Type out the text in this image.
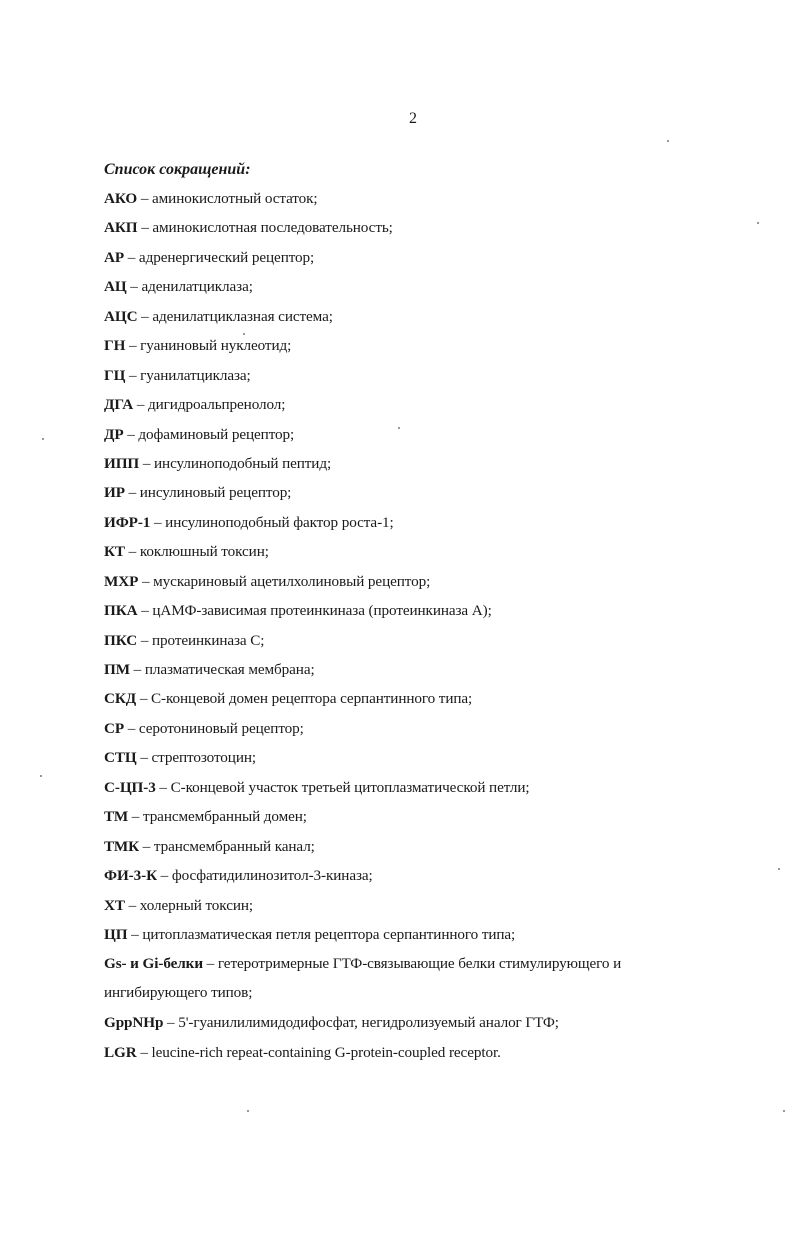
2
Список сокращений:
АКО – аминокислотный остаток;
АКП – аминокислотная последовательность;
АР – адренергический рецептор;
АЦ – аденилатциклаза;
АЦС – аденилатциклазная система;
ГН – гуаниновый нуклеотид;
ГЦ – гуанилатциклаза;
ДГА – дигидроальпренолол;
ДР – дофаминовый рецептор;
ИПП – инсулиноподобный пептид;
ИР – инсулиновый рецептор;
ИФР-1 – инсулиноподобный фактор роста-1;
КТ – коклюшный токсин;
МХР – мускариновый ацетилхолиновый рецептор;
ПКА – цАМФ-зависимая протеинкиназа (протеинкиназа А);
ПКС – протеинкиназа С;
ПМ – плазматическая мембрана;
СКД – С-концевой домен рецептора серпантинного типа;
СР – серотониновый рецептор;
СТЦ – стрептозотоцин;
С-ЦП-3 – С-концевой участок третьей цитоплазматической петли;
ТМ – трансмембранный домен;
ТМК – трансмембранный канал;
ФИ-3-К – фосфатидилинозитол-3-киназа;
ХТ – холерный токсин;
ЦП – цитоплазматическая петля рецептора серпантинного типа;
Gs- и Gi-белки – гетеротримерные ГТФ-связывающие белки стимулирующего и ингибирующего типов;
GppNHp – 5'-гуанилилимидодифосфат, негидролизуемый аналог ГТФ;
LGR – leucine-rich repeat-containing G-protein-coupled receptor.
